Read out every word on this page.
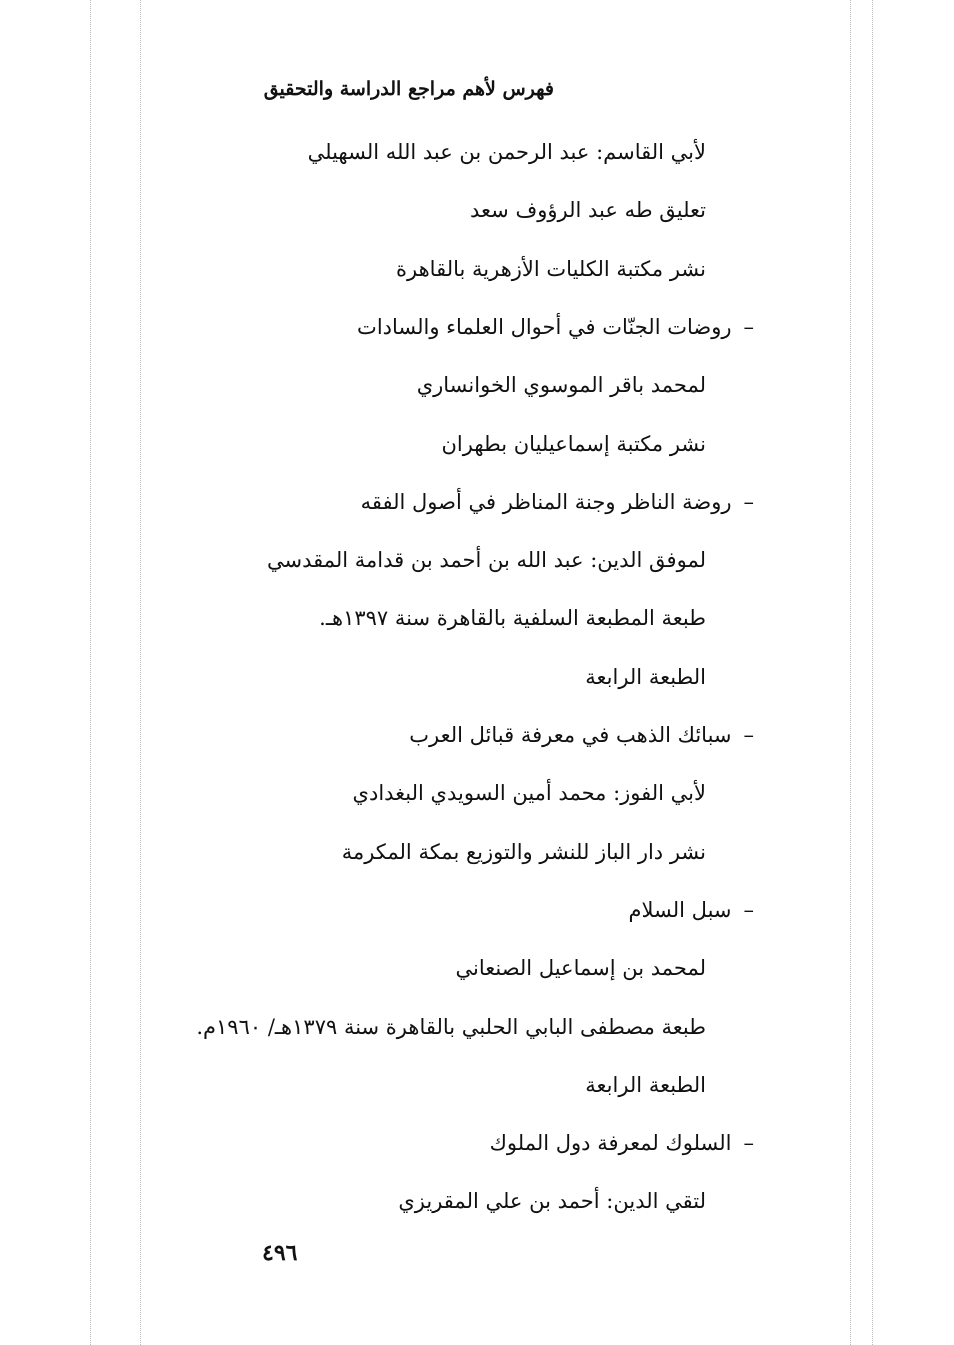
فهرس لأهم مراجع الدراسة والتحقيق
لأبي القاسم: عبد الرحمن بن عبد الله السهيلي
تعليق طه عبد الرؤوف سعد
نشر مكتبة الكليات الأزهرية بالقاهرة
– روضات الجنّات في أحوال العلماء والسادات
لمحمد باقر الموسوي الخوانساري
نشر مكتبة إسماعيليان بطهران
– روضة الناظر وجنة المناظر في أصول الفقه
لموفق الدين: عبد الله بن أحمد بن قدامة المقدسي
طبعة المطبعة السلفية بالقاهرة سنة ١٣٩٧هـ.
الطبعة الرابعة
– سبائك الذهب في معرفة قبائل العرب
لأبي الفوز: محمد أمين السويدي البغدادي
نشر دار الباز للنشر والتوزيع بمكة المكرمة
– سبل السلام
لمحمد بن إسماعيل الصنعاني
طبعة مصطفى البابي الحلبي بالقاهرة سنة ١٣٧٩هـ/ ١٩٦٠م.
الطبعة الرابعة
– السلوك لمعرفة دول الملوك
لتقي الدين: أحمد بن علي المقريزي
٤٩٦
